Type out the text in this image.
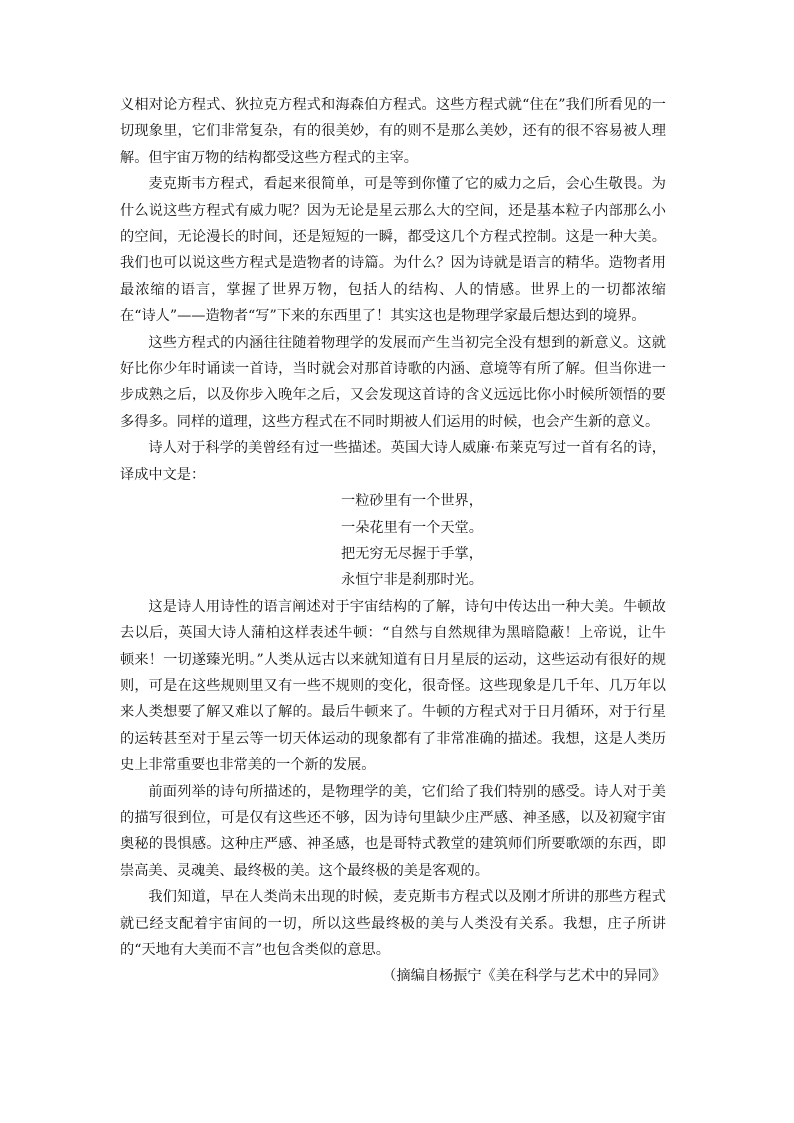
义相对论方程式、狄拉克方程式和海森伯方程式。这些方程式就“住在”我们所看见的一切现象里，它们非常复杂，有的很美妙，有的则不是那么美妙，还有的很不容易被人理解。但宇宙万物的结构都受这些方程式的主宰。

麦克斯韦方程式，看起来很简单，可是等到你懂了它的威力之后，会心生敬畏。为什么说这些方程式有威力呢？因为无论是星云那么大的空间，还是基本粒子内部那么小的空间，无论漫长的时间，还是短短的一瞬，都受这几个方程式控制。这是一种大美。我们也可以说这些方程式是造物者的诗篇。为什么？因为诗就是语言的精华。造物者用最浓缩的语言，掌握了世界万物，包括人的结构、人的情感。世界上的一切都浓缩在“诗人”——造物者“写”下来的东西里了！其实这也是物理学家最后想达到的境界。

这些方程式的内涵往往随着物理学的发展而产生当初完全没有想到的新意义。这就好比你少年时诵读一首诗，当时就会对那首诗歌的内涵、意境等有所了解。但当你进一步成熟之后，以及你步入晚年之后，又会发现这首诗的含义远远比你小时候所领悟的要多得多。同样的道理，这些方程式在不同时期被人们运用的时候，也会产生新的意义。

诗人对于科学的美曾经有过一些描述。英国大诗人威廉·布莱克写过一首有名的诗，译成中文是：

一粒砂里有一个世界，
一朵花里有一个天堂。
把无穷无尽握于手掌，
永恒宁非是刹那时光。

这是诗人用诗性的语言阐述对于宇宙结构的了解，诗句中传达出一种大美。牛顿故去以后，英国大诗人蒲柏这样表述牛顿：“自然与自然规律为黑暗隐蔽！上帝说，让牛顿来！一切遂臻光明。”人类从远古以来就知道有日月星辰的运动，这些运动有很好的规则，可是在这些规则里又有一些不规则的变化，很奇怪。这些现象是几千年、几万年以来人类想要了解又难以了解的。最后牛顿来了。牛顿的方程式对于日月循环，对于行星的运转甚至对于星云等一切天体运动的现象都有了非常准确的描述。我想，这是人类历史上非常重要也非常美的一个新的发展。

前面列举的诗句所描述的，是物理学的美，它们给了我们特别的感受。诗人对于美的描写很到位，可是仅有这些还不够，因为诗句里缺少庄严感、神圣感，以及初窥宇宙奥秘的畏惧感。这种庄严感、神圣感，也是哥特式教堂的建筑师们所要歌颂的东西，即崇高美、灵魂美、最终极的美。这个最终极的美是客观的。

我们知道，早在人类尚未出现的时候，麦克斯韦方程式以及刚才所讲的那些方程式就已经支配着宇宙间的一切，所以这些最终极的美与人类没有关系。我想，庄子所讲的“天地有大美而不言”也包含类似的意思。

（摘编自杨振宁《美在科学与艺术中的异同》
